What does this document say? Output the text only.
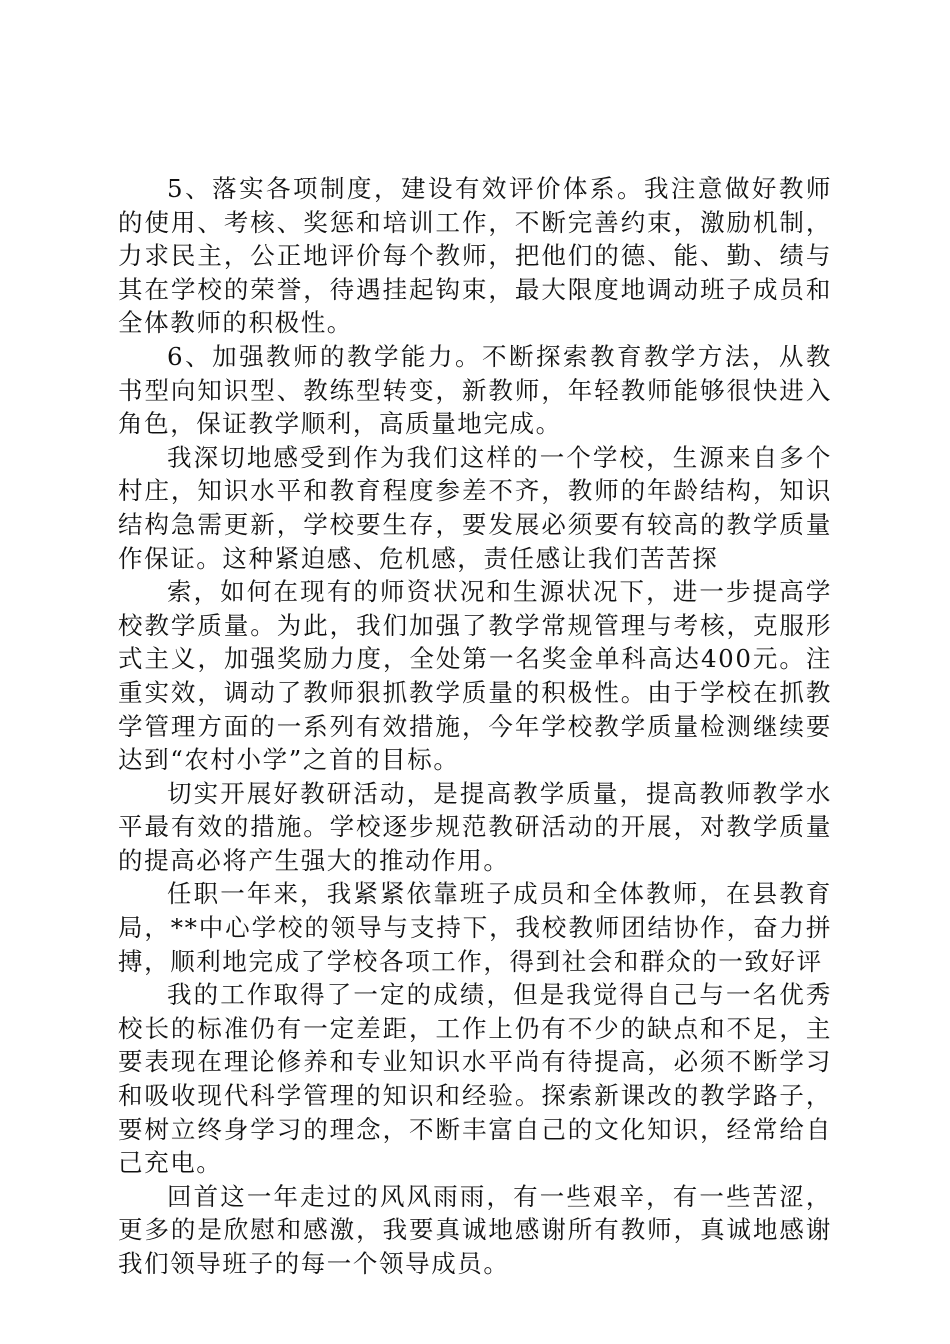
5、落实各项制度，建设有效评价体系。我注意做好教师的使用、考核、奖惩和培训工作，不断完善约束，激励机制，力求民主，公正地评价每个教师，把他们的德、能、勤、绩与其在学校的荣誉，待遇挂起钩束，最大限度地调动班子成员和全体教师的积极性。

6、加强教师的教学能力。不断探索教育教学方法，从教书型向知识型、教练型转变，新教师，年轻教师能够很快进入角色，保证教学顺利，高质量地完成。

我深切地感受到作为我们这样的一个学校，生源来自多个村庄，知识水平和教育程度参差不齐，教师的年龄结构，知识结构急需更新，学校要生存，要发展必须要有较高的教学质量作保证。这种紧迫感、危机感，责任感让我们苦苦探

索，如何在现有的师资状况和生源状况下，进一步提高学校教学质量。为此，我们加强了教学常规管理与考核，克服形式主义，加强奖励力度，全处第一名奖金单科高达400元。注重实效，调动了教师狠抓教学质量的积极性。由于学校在抓教学管理方面的一系列有效措施，今年学校教学质量检测继续要达到“农村小学”之首的目标。

切实开展好教研活动，是提高教学质量，提高教师教学水平最有效的措施。学校逐步规范教研活动的开展，对教学质量的提高必将产生强大的推动作用。

任职一年来，我紧紧依靠班子成员和全体教师，在县教育局，**中心学校的领导与支持下，我校教师团结协作，奋力拼搏，顺利地完成了学校各项工作，得到社会和群众的一致好评

我的工作取得了一定的成绩，但是我觉得自己与一名优秀校长的标准仍有一定差距，工作上仍有不少的缺点和不足，主要表现在理论修养和专业知识水平尚有待提高，必须不断学习和吸收现代科学管理的知识和经验。探索新课改的教学路子，要树立终身学习的理念，不断丰富自己的文化知识，经常给自己充电。

回首这一年走过的风风雨雨，有一些艰辛，有一些苦涩，更多的是欣慰和感激，我要真诚地感谢所有教师，真诚地感谢我们领导班子的每一个领导成员。
